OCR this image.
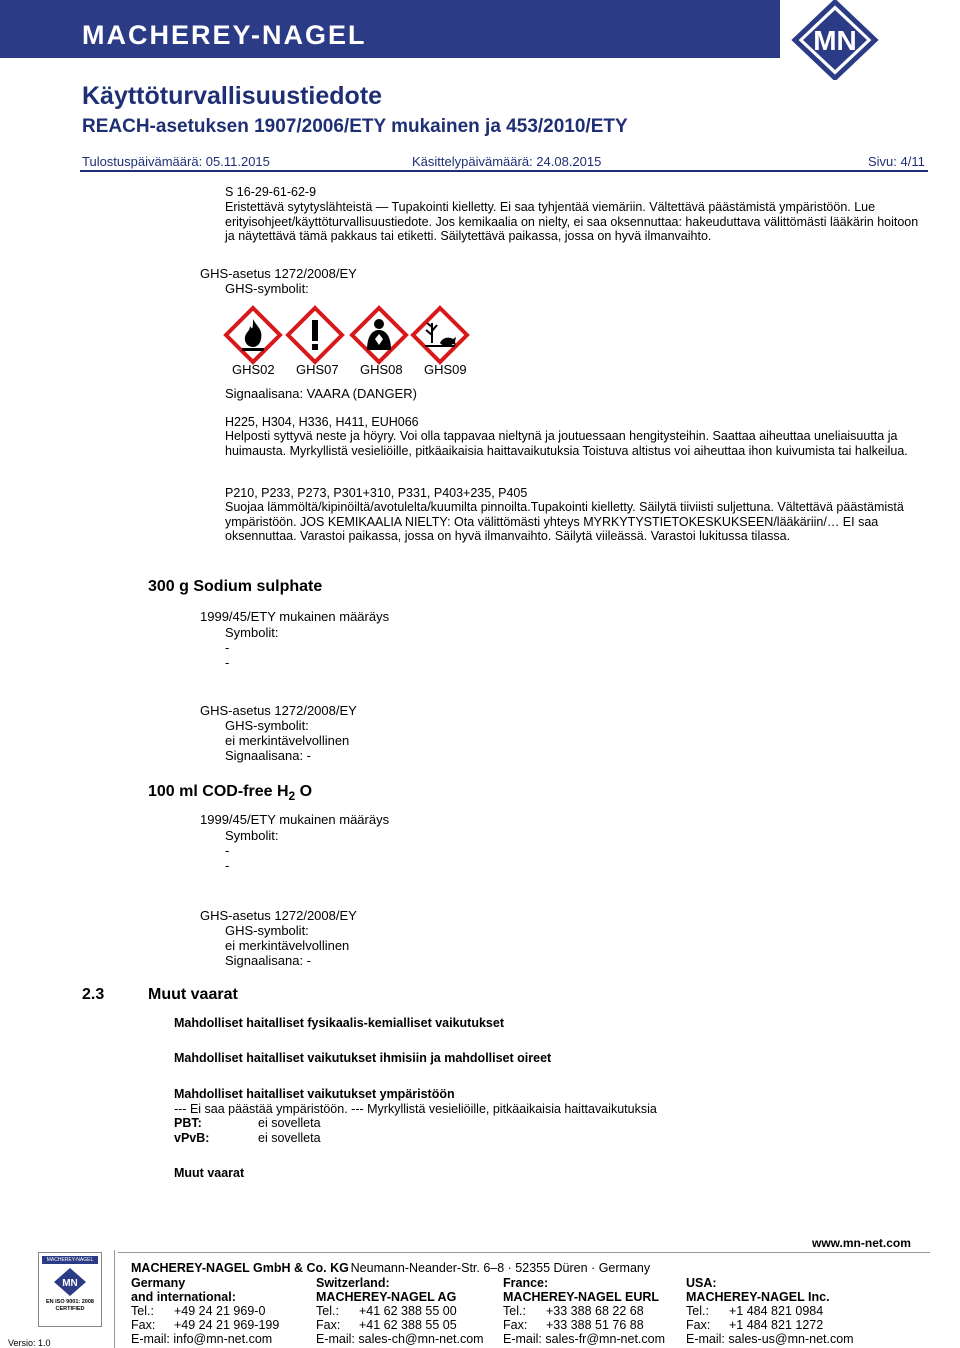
MACHEREY-NAGEL	MN
Käyttöturvallisuustiedote
REACH-asetuksen 1907/2006/ETY mukainen ja 453/2010/ETY
Tulostuspäivämäärä: 05.11.2015	Käsittelypäivämäärä: 24.08.2015	Sivu: 4/11
S 16-29-61-62-9
Eristettävä sytytyslähteistä — Tupakointi kielletty. Ei saa tyhjentää viemäriin. Vältettävä päästämistä ympäristöön. Lue erityisohjeet/käyttöturvallisuustiedote. Jos kemikaalia on nielty, ei saa oksennuttaa: hakeuduttava välittömästi lääkärin hoitoon ja näytettävä tämä pakkaus tai etiketti. Säilytettävä paikassa, jossa on hyvä ilmanvaihto.
GHS-asetus 1272/2008/EY
GHS-symbolit:
GHS02 GHS07 GHS08 GHS09
Signaalisana: VAARA (DANGER)
H225, H304, H336, H411, EUH066
Helposti syttyvä neste ja höyry. Voi olla tappavaa nieltynä ja joutuessaan hengitysteihin. Saattaa aiheuttaa uneliaisuutta ja huimausta. Myrkyllistä vesieliöille, pitkäaikaisia haittavaikutuksia Toistuva altistus voi aiheuttaa ihon kuivumista tai halkeilua.
P210, P233, P273, P301+310, P331, P403+235, P405
Suojaa lämmöltä/kipinöiltä/avotulelta/kuumilta pinnoilta.Tupakointi kielletty. Säilytä tiiviisti suljettuna. Vältettävä päästämistä ympäristöön. JOS KEMIKAALIA NIELTY: Ota välittömästi yhteys MYRKYTYSTIETOKESKUKSEEN/lääkäriin/… EI saa oksennuttaa. Varastoi paikassa, jossa on hyvä ilmanvaihto. Säilytä viileässä. Varastoi lukitussa tilassa.
300 g Sodium sulphate
1999/45/ETY mukainen määräys
Symbolit:
-
-
GHS-asetus 1272/2008/EY
GHS-symbolit:
ei merkintävelvollinen
Signaalisana: -
100 ml COD-free $H_2$ O
1999/45/ETY mukainen määräys
Symbolit:
-
-
GHS-asetus 1272/2008/EY
GHS-symbolit:
ei merkintävelvollinen
Signaalisana: -
2.3	Muut vaarat
Mahdolliset haitalliset fysikaalis-kemialliset vaikutukset
Mahdolliset haitalliset vaikutukset ihmisiin ja mahdolliset oireet
Mahdolliset haitalliset vaikutukset ympäristöön
--- Ei saa päästää ympäristöön. --- Myrkyllistä vesieliöille, pitkäaikaisia haittavaikutuksia
PBT:	ei sovelleta
vPvB:	ei sovelleta
Muut vaarat
MACHEREY-NAGEL
MN
EN ISO 9001: 2008 CERTIFIED
www.mn-net.com
MACHEREY-NAGEL GmbH & Co. KG
· Neumann-Neander-Str. 6–8 · 52355 Düren · Germany
Germany
and international:
Tel.: +49 24 21 969-0
Fax: +49 24 21 969-199
E-mail: info@mn-net.com
Switzerland:
MACHEREY-NAGEL AG
Tel.: +41 62 388 55 00
Fax: +41 62 388 55 05
E-mail: sales-ch@mn-net.com
France:
MACHEREY-NAGEL EURL
Tel.: +33 388 68 22 68
Fax: +33 388 51 76 88
E-mail: sales-fr@mn-net.com
USA:
MACHEREY-NAGEL Inc.
Tel.: +1 484 821 0984
Fax: +1 484 821 1272
E-mail: sales-us@mn-net.com
Versio: 1.0
